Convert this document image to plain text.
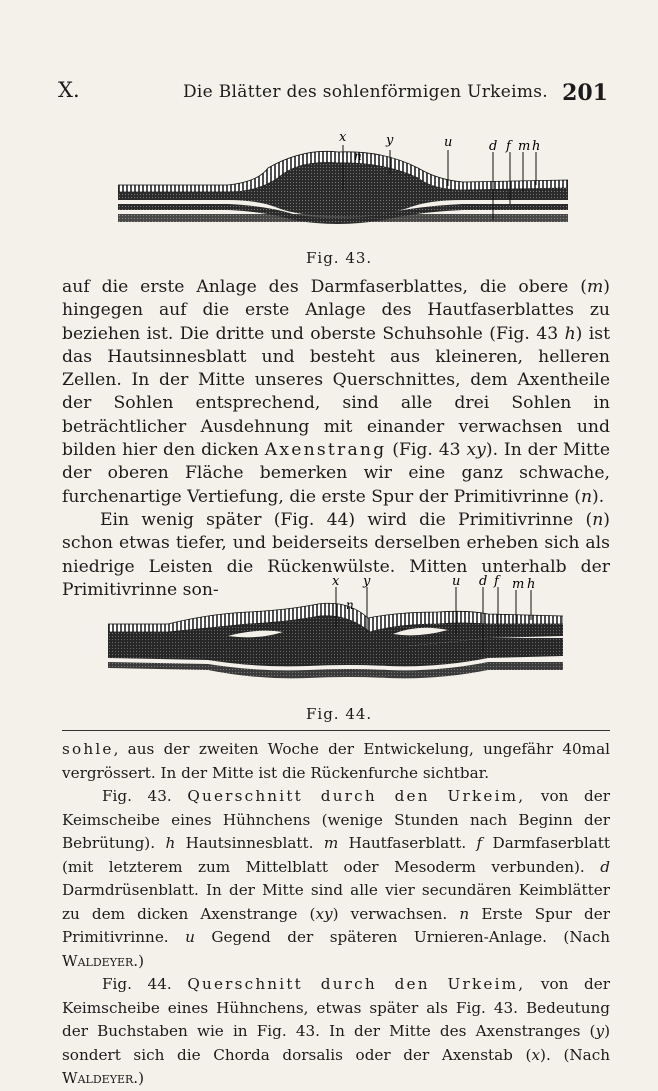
X.	Die Blätter des sohlenförmigen Urkeims. 201
x
n
y	u	d f m h
Fig. 43.

auf die erste Anlage des Darmfaserblattes, die obere (m) hingegen auf die erste Anlage des Hautfaserblattes zu beziehen ist. Die dritte und oberste Schuhsohle (Fig. 43 h) ist das Hautsinnesblatt und besteht aus kleineren, helleren Zellen. In der Mitte unseres Querschnittes, dem Axentheile der Sohlen entsprechend, sind alle drei Sohlen in beträchtlicher Ausdehnung mit einander verwachsen und bilden hier den dicken Axenstrang (Fig. 43 xy). In der Mitte der oberen Fläche bemerken wir eine ganz schwache, furchenartige Vertiefung, die erste Spur der Primitivrinne (n).

Ein wenig später (Fig. 44) wird die Primitivrinne (n) schon etwas tiefer, und beiderseits derselben erheben sich als niedrige Leisten die Rückenwülste. Mitten unterhalb der Primitivrinne son-	x y
n
u d f m h
Fig. 44.

sohle, aus der zweiten Woche der Entwickelung, ungefähr 40mal vergrössert. In der Mitte ist die Rückenfurche sichtbar.

Fig. 43. Querschnitt durch den Urkeim, von der Keimscheibe eines Hühnchens (wenige Stunden nach Beginn der Bebrütung). h Hautsinnesblatt. m Hautfaserblatt. f Darmfaserblatt (mit letzterem zum Mittelblatt oder Mesoderm verbunden). d Darmdrüsenblatt. In der Mitte sind alle vier secundären Keimblätter zu dem dicken Axenstrange (xy) verwachsen. n Erste Spur der Primitivrinne. u Gegend der späteren Urnieren-Anlage. (Nach Waldeyer.)

Fig. 44. Querschnitt durch den Urkeim, von der Keimscheibe eines Hühnchens, etwas später als Fig. 43. Bedeutung der Buchstaben wie in Fig. 43. In der Mitte des Axenstranges (y) sondert sich die Chorda dorsalis oder der Axenstab (x). (Nach Waldeyer.)
